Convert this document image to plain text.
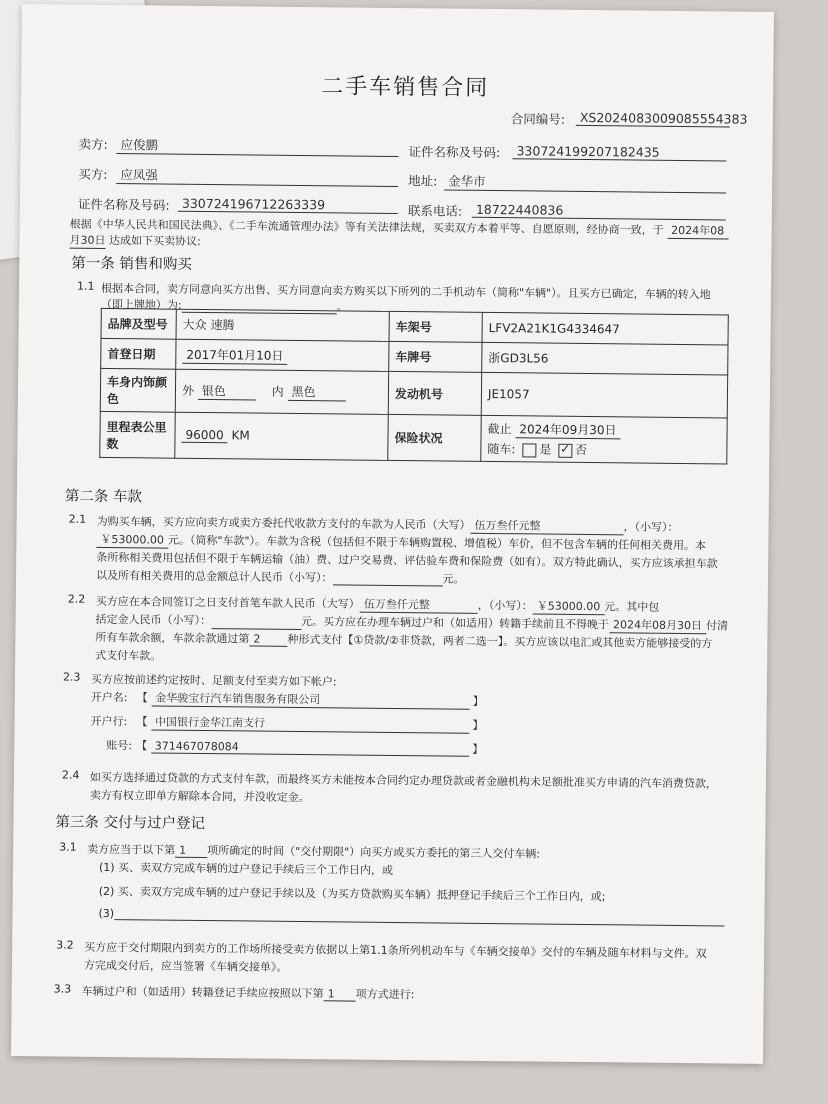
二手车销售合同
合同编号:	XS2024083009085554383
卖方:	应俊鹏	证件名称及号码:	330724199207182435
买方:	应凤强	地址: 金华市
证件名称及号码: 330724196712263339	联系电话:	18722440836
根据《中华人民共和国民法典》、《二手车流通管理办法》等有关法律法规，买卖双方本着平等、自愿原则，经协商一致，于 2024年08
月30日 达成如下买卖协议:
第一条 销售和购买
1.1 根据本合同，卖方同意向买方出售、买方同意向卖方购买以下所列的二手机动车（简称"车辆"）。且买方已确定，车辆的转入地
（即上牌地）为:	。
品牌及型号	大众 速腾	车架号	LFV2A21K1G4334647
首登日期	2017年01月10日	车牌号	浙GD3L56
车身内饰颜色	外 银色 内 黑色	发动机号	JE1057
里程表公里数	96000 KM	保险状况	截止 2024年09月30日
随车: 是 ✓ 否
第二条 车款
2.1 为购买车辆，买方应向卖方或卖方委托代收款方支付的车款为人民币（大写） 伍万叁仟元整	，（小写）：
￥53000.00 元。（简称"车款"）。车款为含税（包括但不限于车辆购置税、增值税）车价，但不包含车辆的任何相关费用。本
条所称相关费用包括但不限于车辆运输（油）费、过户交易费、评估验车费和保险费（如有）。双方特此确认，买方应该承担车款
以及所有相关费用的总金额总计人民币（小写）：	元。
2.2 买方应在本合同签订之日支付首笔车款人民币（大写） 伍万叁仟元整	，（小写）： ￥53000.00 元。其中包
括定金人民币（小写）：	元。买方应在办理车辆过户和（如适用）转籍手续前且不得晚于 2024年08月30日 付清
所有车款余额，车款余款通过第 2 种形式支付【①贷款/②非贷款，两者二选一】。买方应该以电汇或其他卖方能够接受的方
式支付车款。
2.3 买方应按前述约定按时、足额支付至卖方如下帐户:
开户名: 【 金华骏宝行汽车销售服务有限公司	】
开户行: 【 中国银行金华江南支行	】
账号: 【 371467078084	】
2.4 如买方选择通过贷款的方式支付车款，而最终买方未能按本合同约定办理贷款或者金融机构未足额批准买方申请的汽车消费贷款，
卖方有权立即单方解除本合同，并没收定金。
第三条 交付与过户登记
3.1 卖方应当于以下第 1 项所确定的时间（"交付期限"）向买方或买方委托的第三人交付车辆:
(1) 买、卖双方完成车辆的过户登记手续后三个工作日内，或
(2) 买、卖双方完成车辆的过户登记手续以及（为买方贷款购买车辆）抵押登记手续后三个工作日内，或;
(3)
3.2 买方应于交付期限内到卖方的工作场所接受卖方依据以上第1.1条所列机动车与《车辆交接单》交付的车辆及随车材料与文件。双
方完成交付后，应当签署《车辆交接单》。
3.3 车辆过户和（如适用）转籍登记手续应按照以下第 1 项方式进行:
